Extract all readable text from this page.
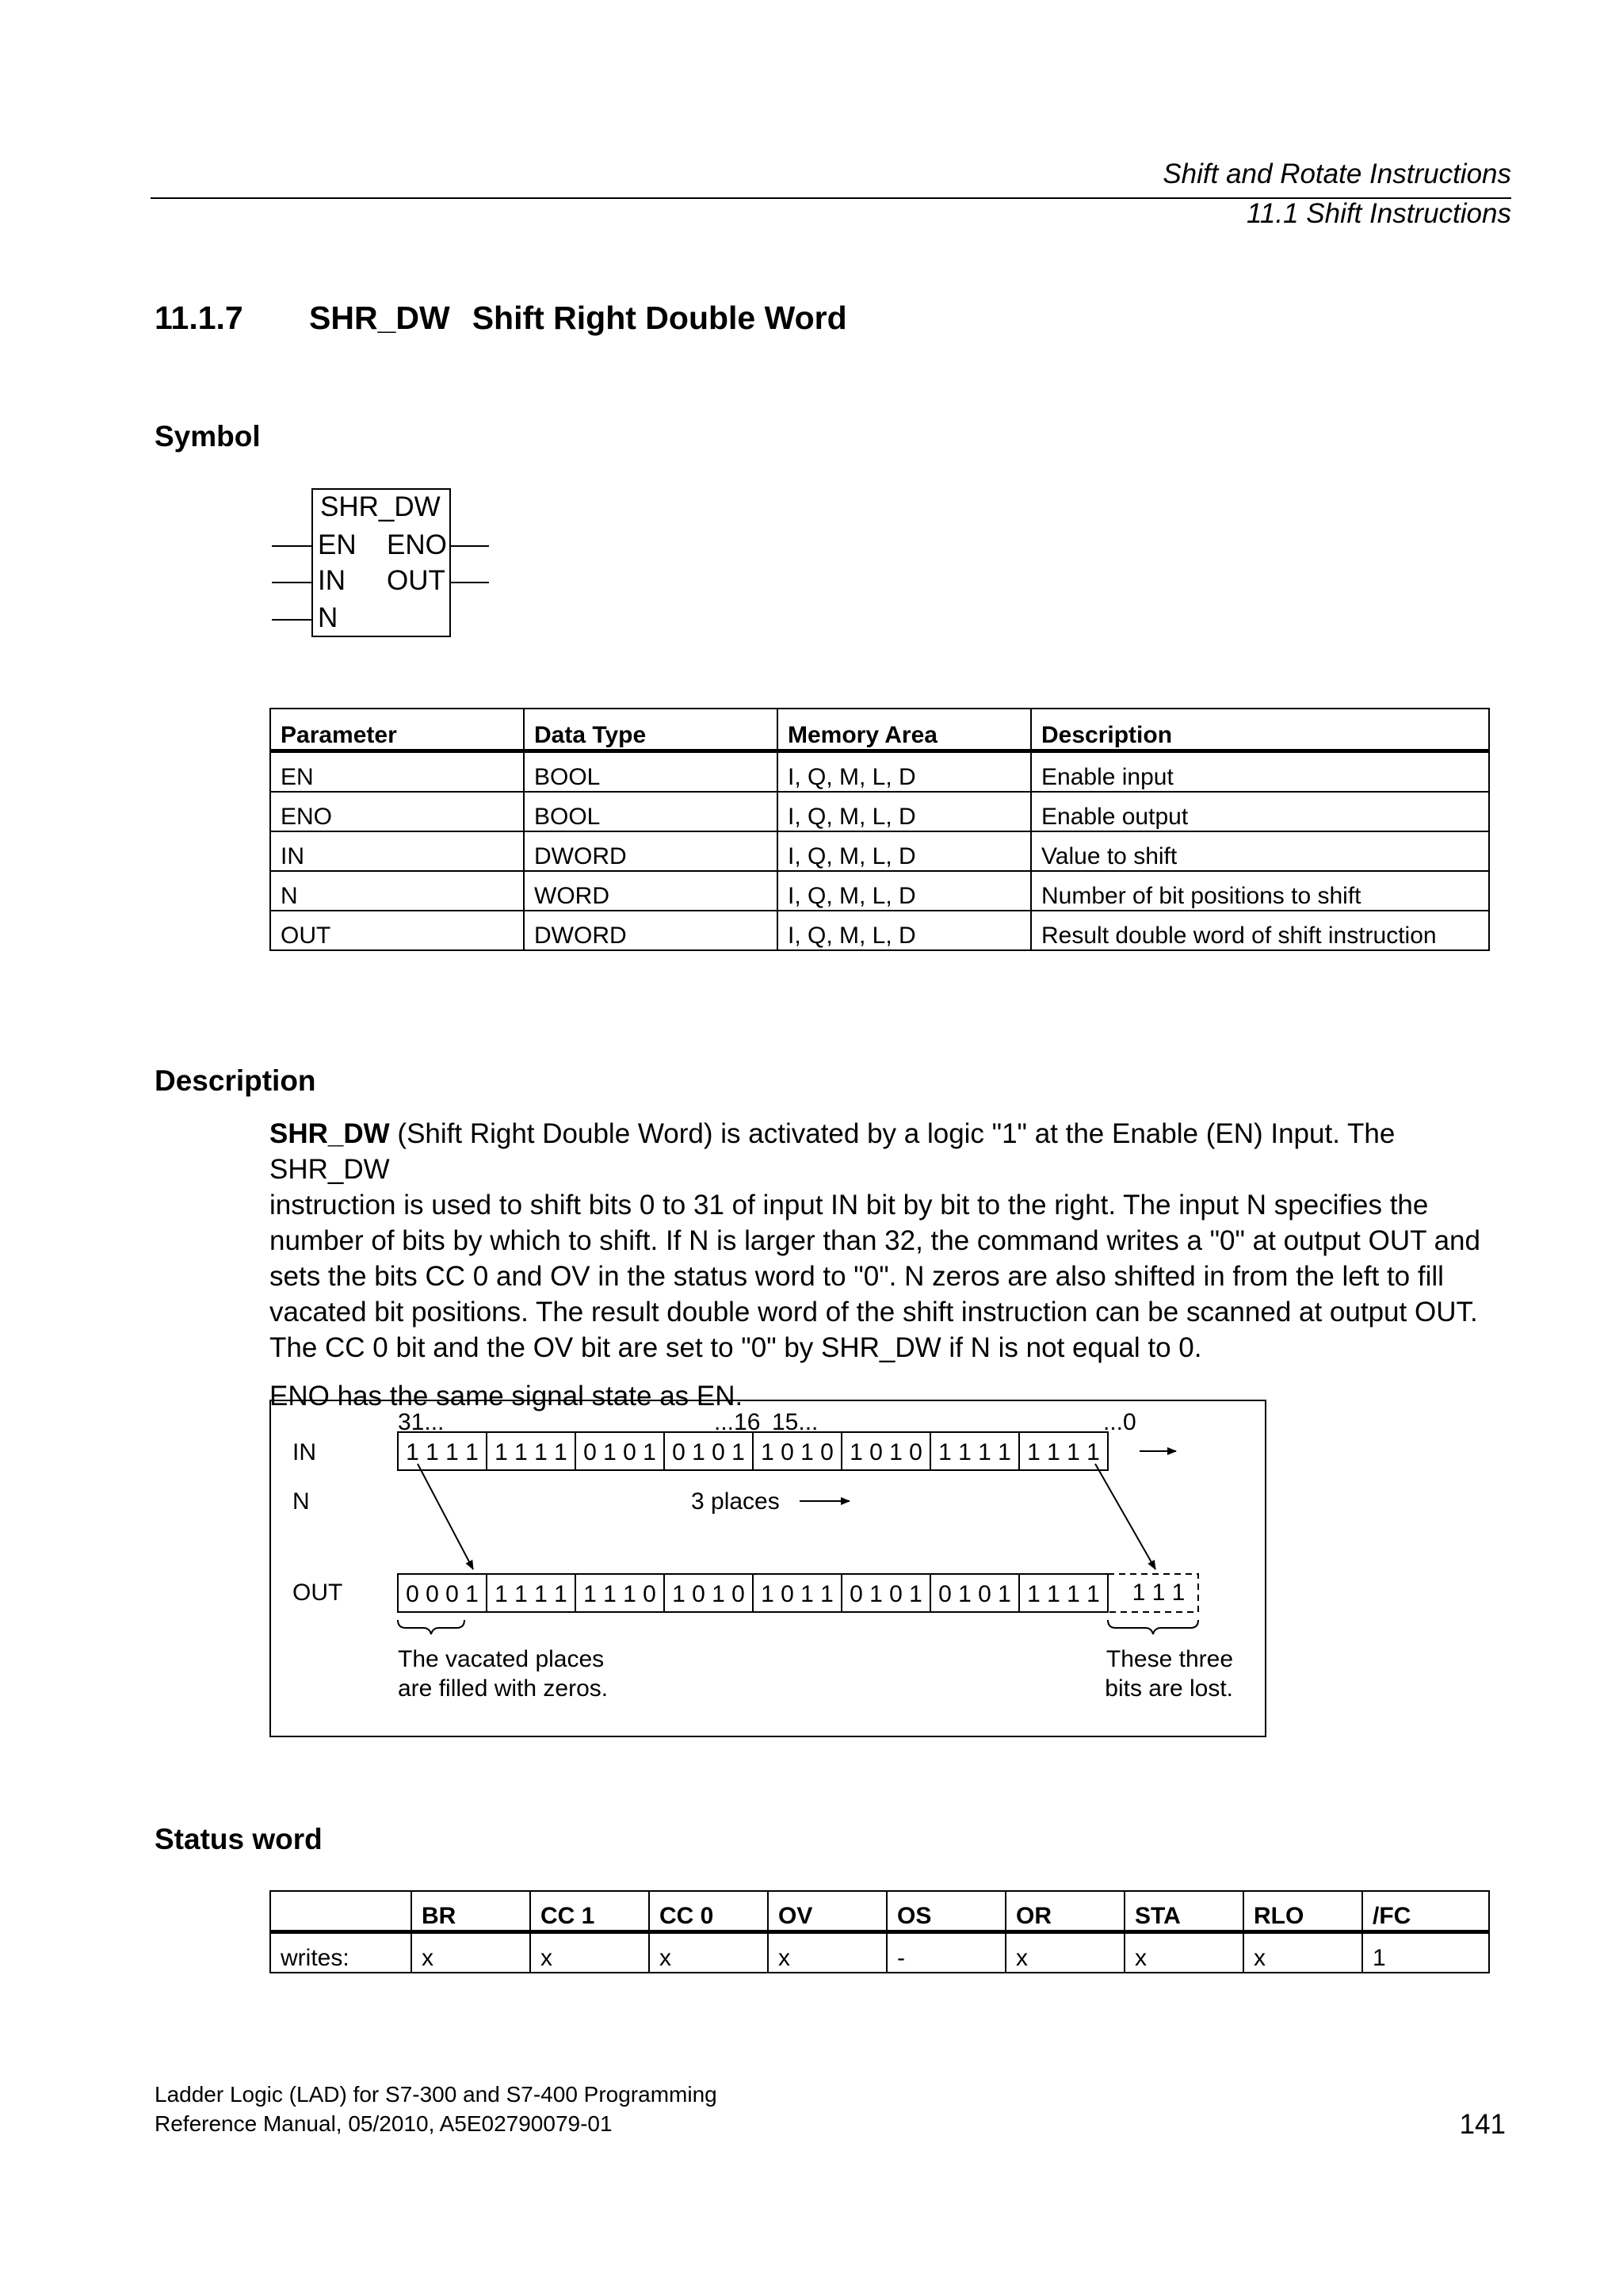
Shift and Rotate Instructions
11.1 Shift Instructions
11.1.7 SHR_DW Shift Right Double Word
Symbol
SHR_DW
EN
IN
N
ENO
OUT
Parameter	Data Type	Memory Area	Description
EN	BOOL	I, Q, M, L, D	Enable input
ENO	BOOL	I, Q, M, L, D	Enable output
IN	DWORD	I, Q, M, L, D	Value to shift
N	WORD	I, Q, M, L, D	Number of bit positions to shift
OUT	DWORD	I, Q, M, L, D	Result double word of shift instruction
Description

SHR_DW (Shift Right Double Word) is activated by a logic "1" at the Enable (EN) Input. The SHR_DW
instruction is used to shift bits 0 to 31 of input IN bit by bit to the right. The input N specifies the
number of bits by which to shift. If N is larger than 32, the command writes a "0" at output OUT and
sets the bits CC 0 and OV in the status word to "0". N zeros are also shifted in from the left to fill
vacated bit positions. The result double word of the shift instruction can be scanned at output OUT.
The CC 0 bit and the OV bit are set to "0" by SHR_DW if N is not equal to 0.

ENO has the same signal state as EN.

31...	...16 15...	...0
IN
N
OUT
1 1 1 1 1 1 1 1 0 1 0 1 0 1 0 1 1 0 1 0 1 0 1 0 1 1 1 1 1 1 1 1
0 0 0 1 1 1 1 1 1 1 1 0 1 0 1 0 1 0 1 1 0 1 0 1 0 1 0 1 1 1 1 1
3 places
1 1 1
The vacated places
are filled with zeros.
These three
bits are lost.
Status word
	BR	CC 1	CC 0	OV	OS	OR	STA	RLO	/FC
writes:	x	x	x	x	-	x	x	x	1
Ladder Logic (LAD) for S7-300 and S7-400 Programming
Reference Manual, 05/2010, A5E02790079-01	141
